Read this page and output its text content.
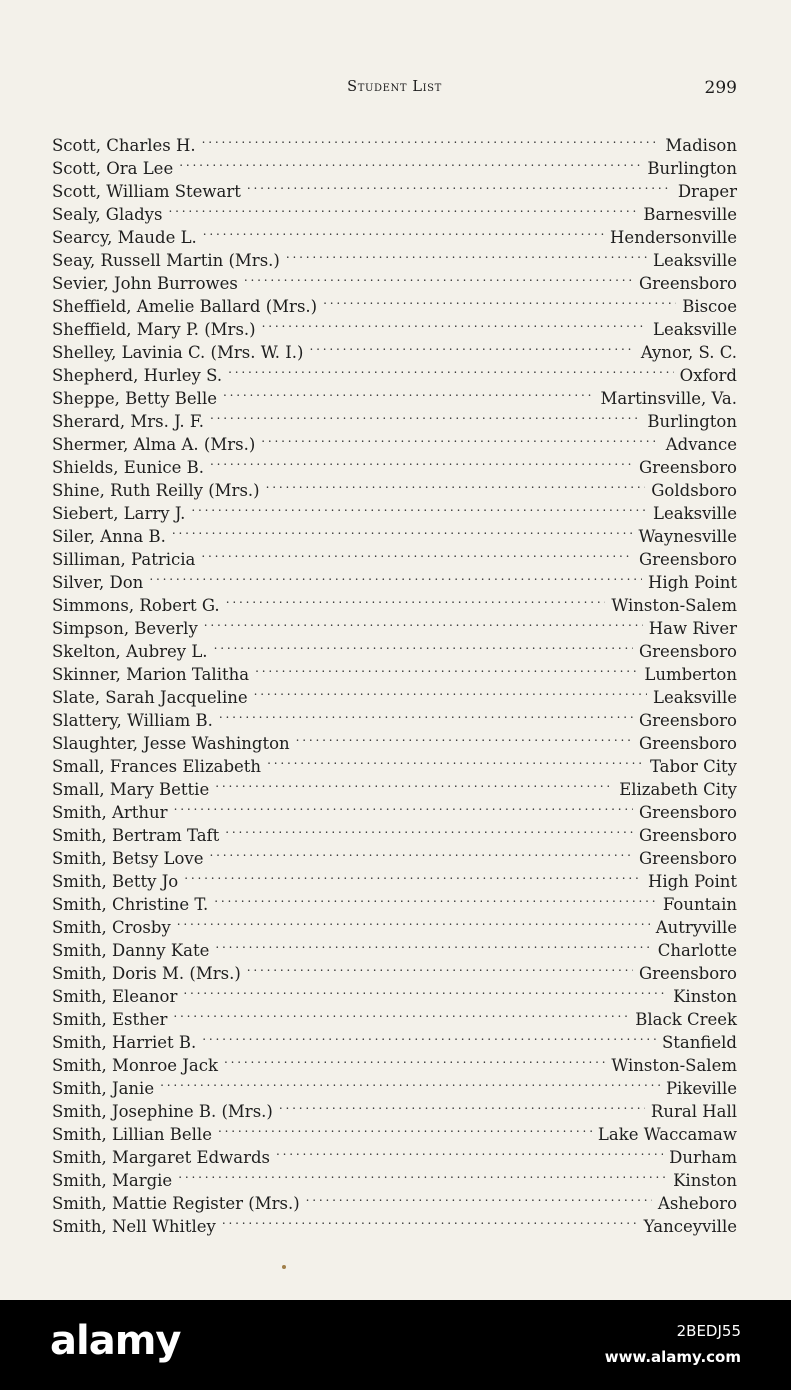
Student List	299
Scott, Charles H. . . .	Madison
Scott, Ora Lee . . .	Burlington
Scott, William Stewart . . .	Draper
Sealy, Gladys . . .	Barnesville
Searcy, Maude L. . . .	Hendersonville
Seay, Russell Martin (Mrs.) . . .	Leaksville
Sevier, John Burrowes . . .	Greensboro
Sheffield, Amelie Ballard (Mrs.) . . .	Biscoe
Sheffield, Mary P. (Mrs.) . . .	Leaksville
Shelley, Lavinia C. (Mrs. W. I.) . . .	Aynor, S. C.
Shepherd, Hurley S. . . .	Oxford
Sheppe, Betty Belle . . .	Martinsville, Va.
Sherard, Mrs. J. F. . . .	Burlington
Shermer, Alma A. (Mrs.) . . .	Advance
Shields, Eunice B. . . .	Greensboro
Shine, Ruth Reilly (Mrs.) . . .	Goldsboro
Siebert, Larry J. . . .	Leaksville
Siler, Anna B. . . .	Waynesville
Silliman, Patricia . . .	Greensboro
Silver, Don . . .	High Point
Simmons, Robert G. . . .	Winston-Salem
Simpson, Beverly . . .	Haw River
Skelton, Aubrey L. . . .	Greensboro
Skinner, Marion Talitha . . .	Lumberton
Slate, Sarah Jacqueline . . .	Leaksville
Slattery, William B. . . .	Greensboro
Slaughter, Jesse Washington . . .	Greensboro
Small, Frances Elizabeth . . .	Tabor City
Small, Mary Bettie . . .	Elizabeth City
Smith, Arthur . . .	Greensboro
Smith, Bertram Taft . . .	Greensboro
Smith, Betsy Love . . .	Greensboro
Smith, Betty Jo . . .	High Point
Smith, Christine T. . . .	Fountain
Smith, Crosby . . .	Autryville
Smith, Danny Kate . . .	Charlotte
Smith, Doris M. (Mrs.) . . .	Greensboro
Smith, Eleanor . . .	Kinston
Smith, Esther . . .	Black Creek
Smith, Harriet B. . . .	Stanfield
Smith, Monroe Jack . . .	Winston-Salem
Smith, Janie . . .	Pikeville
Smith, Josephine B. (Mrs.) . . .	Rural Hall
Smith, Lillian Belle . . .	Lake Waccamaw
Smith, Margaret Edwards . . .	Durham
Smith, Margie . . .	Kinston
Smith, Mattie Register (Mrs.) . . .	Asheboro
Smith, Nell Whitley . . .	Yanceyville
alamy	2BEDJ55
www.alamy.com
